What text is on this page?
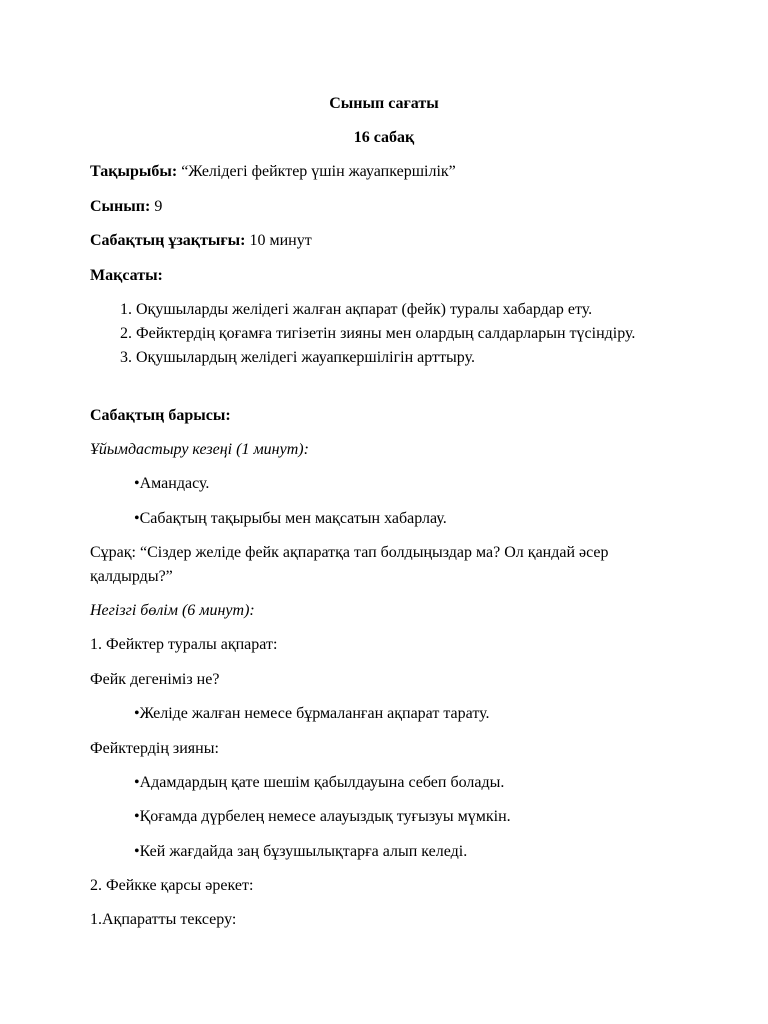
Сынып сағаты
16 сабақ
Тақырыбы: “Желідегі фейктер үшін жауапкершілік”
Сынып: 9
Сабақтың ұзақтығы: 10 минут
Мақсаты:
1. Оқушыларды желідегі жалған ақпарат (фейк) туралы хабардар ету.
2. Фейктердің қоғамға тигізетін зияны мен олардың салдарларын түсіндіру.
3. Оқушылардың желідегі жауапкершілігін арттыру.
Сабақтың барысы:
Ұйымдастыру кезеңі (1 минут):
•Амандасу.
•Сабақтың тақырыбы мен мақсатын хабарлау.
Сұрақ: “Сіздер желіде фейк ақпаратқа тап болдыңыздар ма? Ол қандай әсер
қалдырды?”
Негізгі бөлім (6 минут):
1. Фейктер туралы ақпарат:
Фейк дегеніміз не?
•Желіде жалған немесе бұрмаланған ақпарат тарату.
Фейктердің зияны:
•Адамдардың қате шешім қабылдауына себеп болады.
•Қоғамда дүрбелең немесе алауыздық туғызуы мүмкін.
•Кей жағдайда заң бұзушылықтарға алып келеді.
2. Фейкке қарсы әрекет:
1.Ақпаратты тексеру:
